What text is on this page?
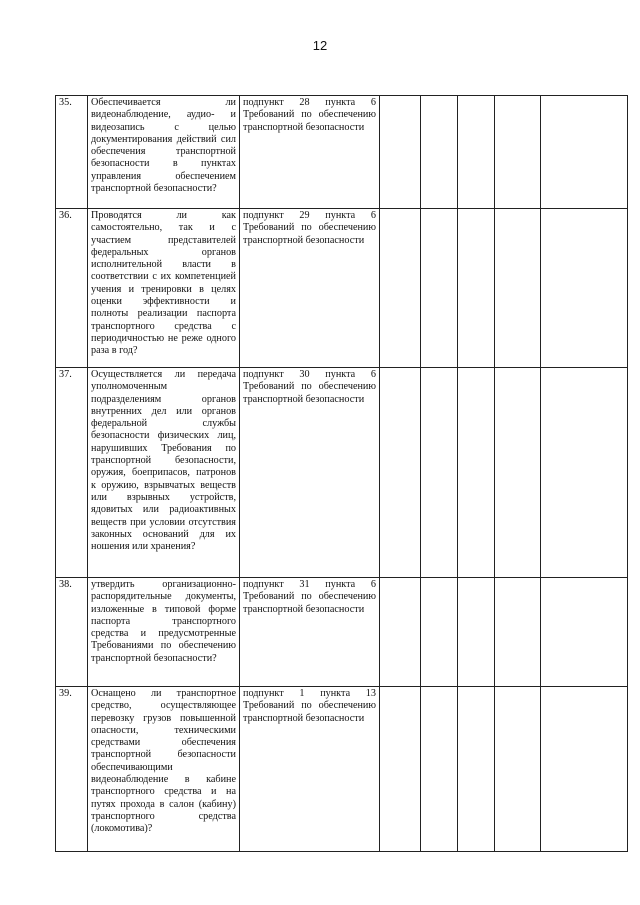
12
35.	Обеспечивается ли видеонаблюдение, аудио- и видеозапись с целью документирования действий сил обеспечения транспортной безопасности в пунктах управления обеспечением транспортной безопасности?	подпункт 28 пункта 6 Требований по обеспечению транспортной безопасности					
36.	Проводятся ли как самостоятельно, так и с участием представителей федеральных органов исполнительной власти в соответствии с их компетенцией учения и тренировки в целях оценки эффективности и полноты реализации паспорта транспортного средства с периодичностью не реже одного раза в год?	подпункт 29 пункта 6 Требований по обеспечению транспортной безопасности					
37.	Осуществляется ли передача уполномоченным подразделениям органов внутренних дел или органов федеральной службы безопасности физических лиц, нарушивших Требования по транспортной безопасности, оружия, боеприпасов, патронов к оружию, взрывчатых веществ или взрывных устройств, ядовитых или радиоактивных веществ при условии отсутствия законных оснований для их ношения или хранения?	подпункт 30 пункта 6 Требований по обеспечению транспортной безопасности					
38.	утвердить организационно-распорядительные документы, изложенные в типовой форме паспорта транспортного средства и предусмотренные Требованиями по обеспечению транспортной безопасности?	подпункт 31 пункта 6 Требований по обеспечению транспортной безопасности					
39.	Оснащено ли транспортное средство, осуществляющее перевозку грузов повышенной опасности, техническими средствами обеспечения транспортной безопасности обеспечивающими видеонаблюдение в кабине транспортного средства и на путях прохода в салон (кабину) транспортного средства (локомотива)?	подпункт 1 пункта 13 Требований по обеспечению транспортной безопасности					
